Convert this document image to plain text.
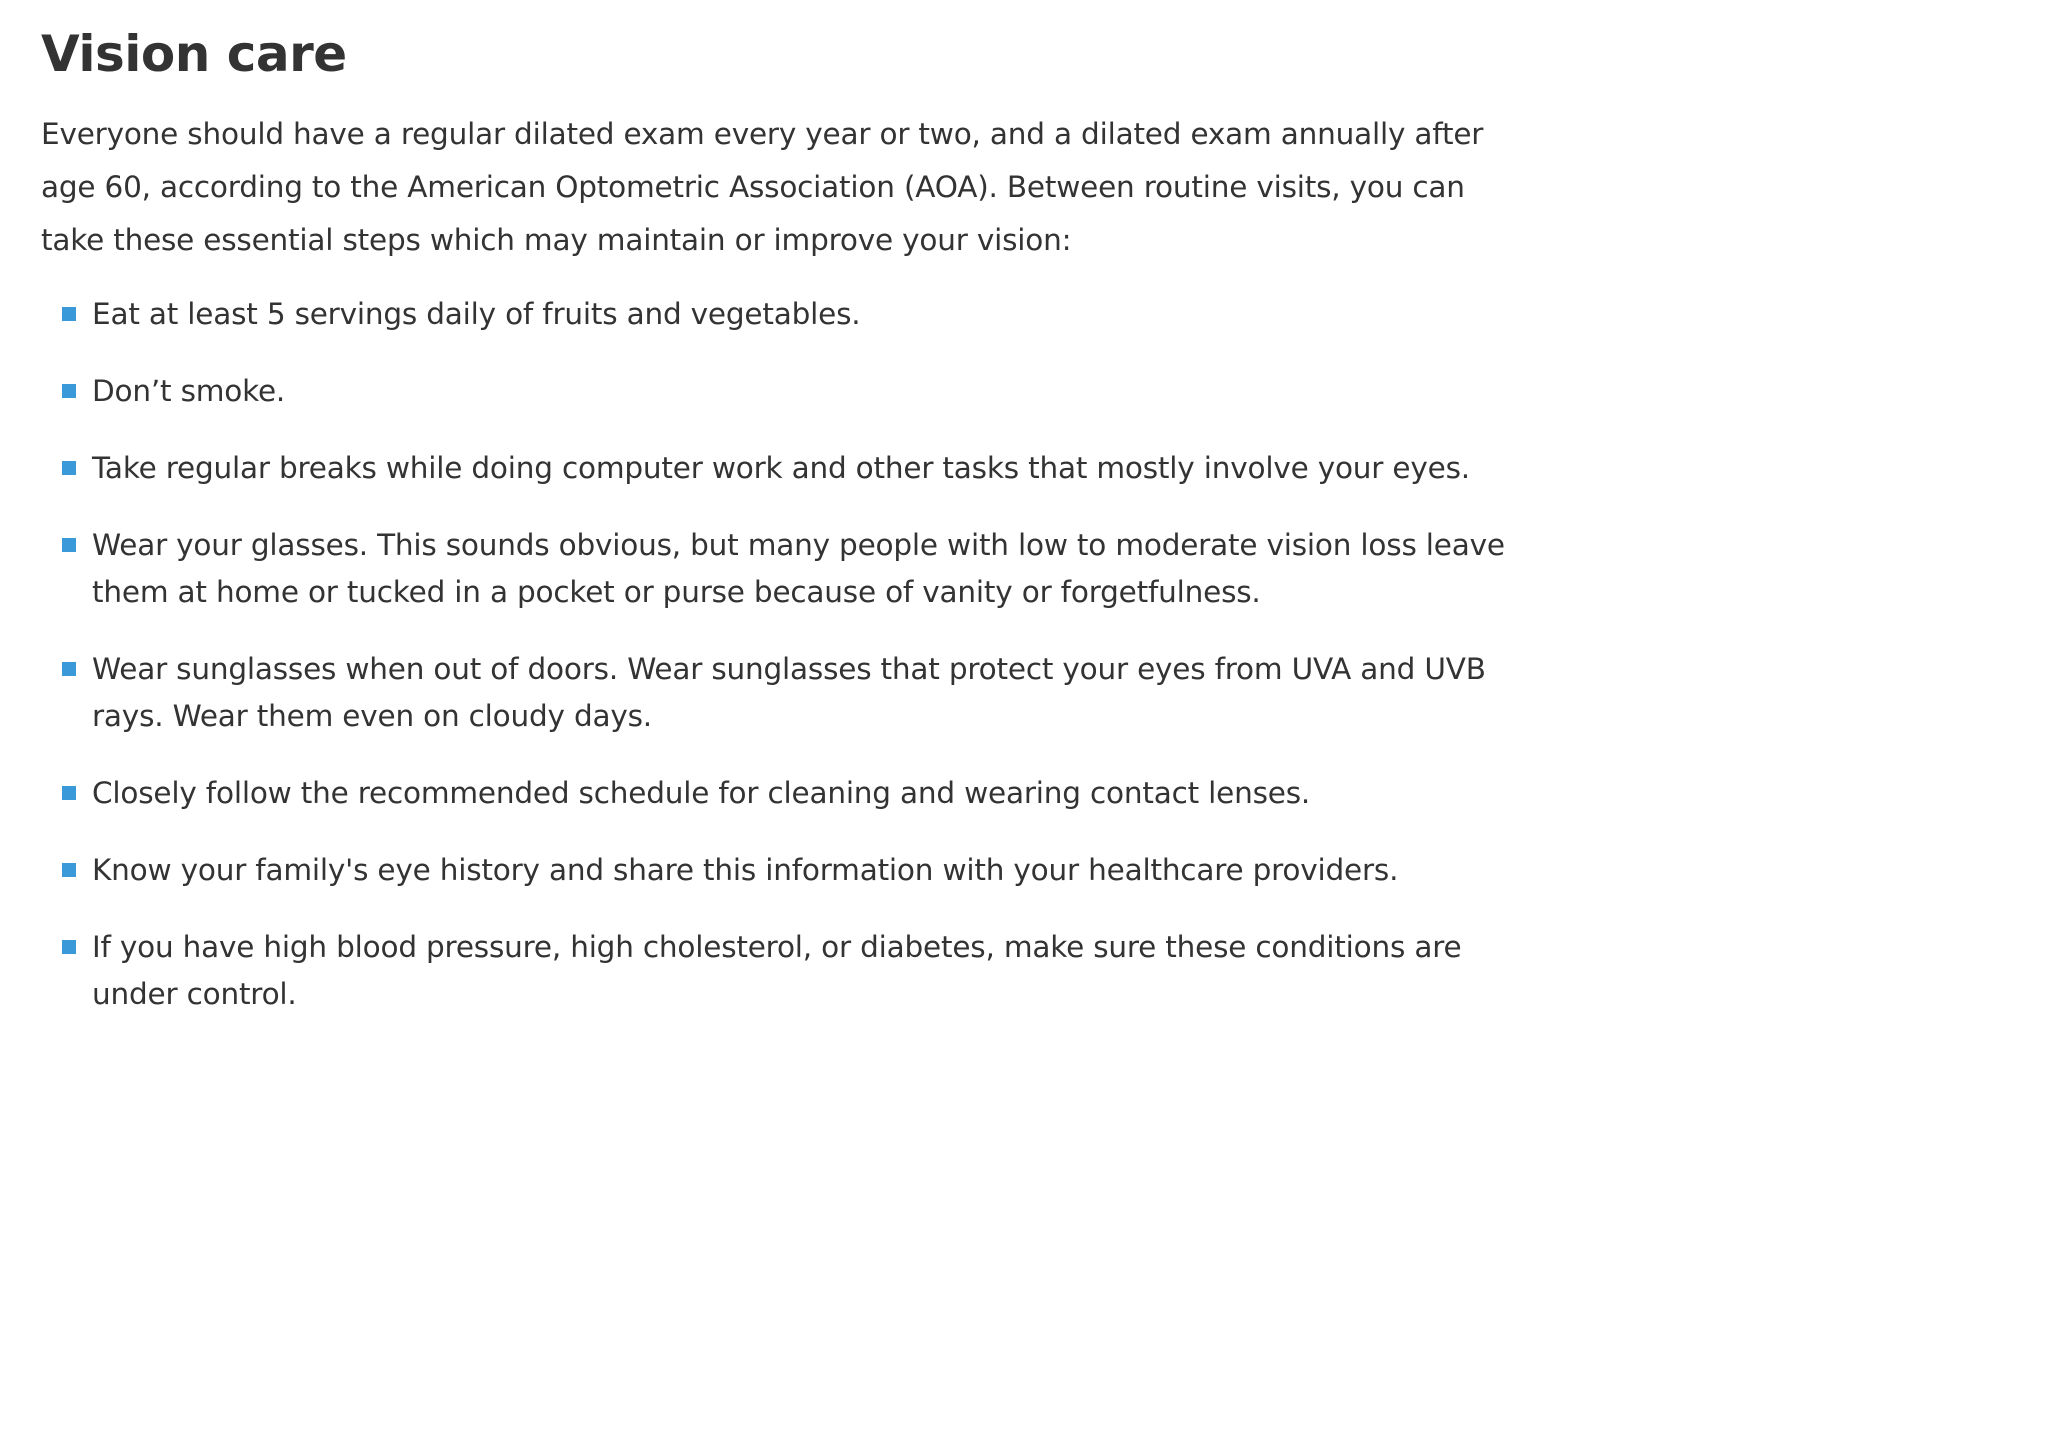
Vision care

Everyone should have a regular dilated exam every year or two, and a dilated exam annually after age 60, according to the American Optometric Association (AOA). Between routine visits, you can take these essential steps which may maintain or improve your vision:

Eat at least 5 servings daily of fruits and vegetables.
Don’t smoke.
Take regular breaks while doing computer work and other tasks that mostly involve your eyes.
Wear your glasses. This sounds obvious, but many people with low to moderate vision loss leave them at home or tucked in a pocket or purse because of vanity or forgetfulness.
Wear sunglasses when out of doors. Wear sunglasses that protect your eyes from UVA and UVB rays. Wear them even on cloudy days.
Closely follow the recommended schedule for cleaning and wearing contact lenses.
Know your family's eye history and share this information with your healthcare providers.
If you have high blood pressure, high cholesterol, or diabetes, make sure these conditions are under control.
